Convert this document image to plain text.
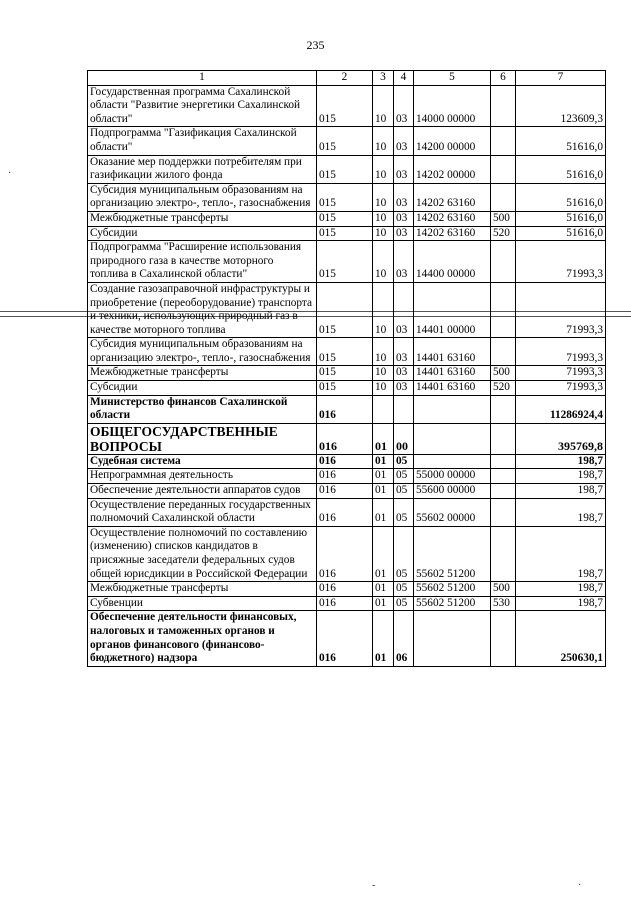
235
·
-	·
1	2	3	4	5	6	7
Государственная программа Сахалинской области "Развитие энергетики Сахалинской области"	015	10	03	14000 00000		123609,3
Подпрограмма "Газификация Сахалинской области"	015	10	03	14200 00000		51616,0
Оказание мер поддержки потребителям при газификации жилого фонда	015	10	03	14202 00000		51616,0
Субсидия муниципальным образованиям на организацию электро-, тепло-, газоснабжения	015	10	03	14202 63160		51616,0
Межбюджетные трансферты	015	10	03	14202 63160	500	51616,0
Субсидии	015	10	03	14202 63160	520	51616,0
Подпрограмма "Расширение использования природного газа в качестве моторного топлива в Сахалинской области"	015	10	03	14400 00000		71993,3
Создание газозаправочной инфраструктуры и приобретение (переоборудование) транспорта и техники, использующих природный газ в качестве моторного топлива	015	10	03	14401 00000		71993,3
Субсидия муниципальным образованиям на организацию электро-, тепло-, газоснабжения	015	10	03	14401 63160		71993,3
Межбюджетные трансферты	015	10	03	14401 63160	500	71993,3
Субсидии	015	10	03	14401 63160	520	71993,3
Министерство финансов Сахалинской области	016					11286924,4
ОБЩЕГОСУДАРСТВЕННЫЕ ВОПРОСЫ	016	01	00			395769,8
Судебная система	016	01	05			198,7
Непрограммная деятельность	016	01	05	55000 00000		198,7
Обеспечение деятельности аппаратов судов	016	01	05	55600 00000		198,7
Осуществление переданных государственных полномочий Сахалинской области	016	01	05	55602 00000		198,7
Осуществление полномочий по составлению (изменению) списков кандидатов в присяжные заседатели федеральных судов общей юрисдикции в Российской Федерации	016	01	05	55602 51200		198,7
Межбюджетные трансферты	016	01	05	55602 51200	500	198,7
Субвенции	016	01	05	55602 51200	530	198,7
Обеспечение деятельности финансовых, налоговых и таможенных органов и органов финансового (финансово-бюджетного) надзора	016	01	06			250630,1
